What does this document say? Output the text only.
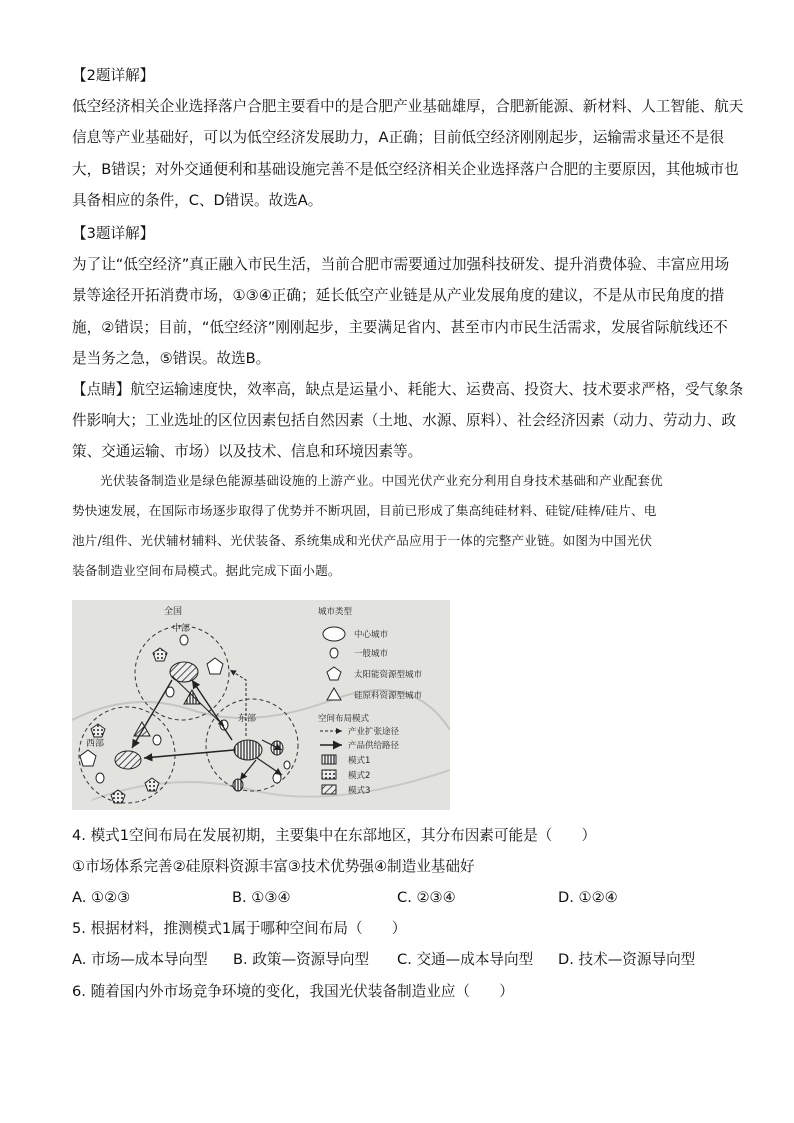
【2题详解】
低空经济相关企业选择落户合肥主要看中的是合肥产业基础雄厚，合肥新能源、新材料、人工智能、航天
信息等产业基础好，可以为低空经济发展助力，A正确；目前低空经济刚刚起步，运输需求量还不是很
大，B错误；对外交通便利和基础设施完善不是低空经济相关企业选择落户合肥的主要原因，其他城市也
具备相应的条件，C、D错误。故选A。
【3题详解】
为了让“低空经济”真正融入市民生活，当前合肥市需要通过加强科技研发、提升消费体验、丰富应用场
景等途径开拓消费市场，①③④正确；延长低空产业链是从产业发展角度的建议，不是从市民角度的措
施，②错误；目前，“低空经济”刚刚起步，主要满足省内、甚至市内市民生活需求，发展省际航线还不
是当务之急，⑤错误。故选B。
【点睛】航空运输速度快，效率高，缺点是运量小、耗能大、运费高、投资大、技术要求严格，受气象条
件影响大；工业选址的区位因素包括自然因素（土地、水源、原料）、社会经济因素（动力、劳动力、政
策、交通运输、市场）以及技术、信息和环境因素等。
光伏装备制造业是绿色能源基础设施的上游产业。中国光伏产业充分利用自身技术基础和产业配套优
势快速发展，在国际市场逐步取得了优势并不断巩固，目前已形成了集高纯硅材料、硅锭/硅棒/硅片、电
池片/组件、光伏辅材辅料、光伏装备、系统集成和光伏产品应用于一体的完整产业链。如图为中国光伏
装备制造业空间布局模式。据此完成下面小题。
全国
中部
东部
西部
城市类型
中心城市
一般城市
太阳能资源型城市
硅原料资源型城市
空间布局模式
产业扩张途径
产品供给路径
模式1
模式2
模式3
4. 模式1空间布局在发展初期，主要集中在东部地区，其分布因素可能是（　　）
①市场体系完善②硅原料资源丰富③技术优势强④制造业基础好
A. ①②③	B. ①③④	C. ②③④	D. ①②④
5. 根据材料，推测模式1属于哪种空间布局（　　）
A. 市场—成本导向型 B. 政策—资源导向型 C. 交通—成本导向型 D. 技术—资源导向型
6. 随着国内外市场竞争环境的变化，我国光伏装备制造业应（　　）
